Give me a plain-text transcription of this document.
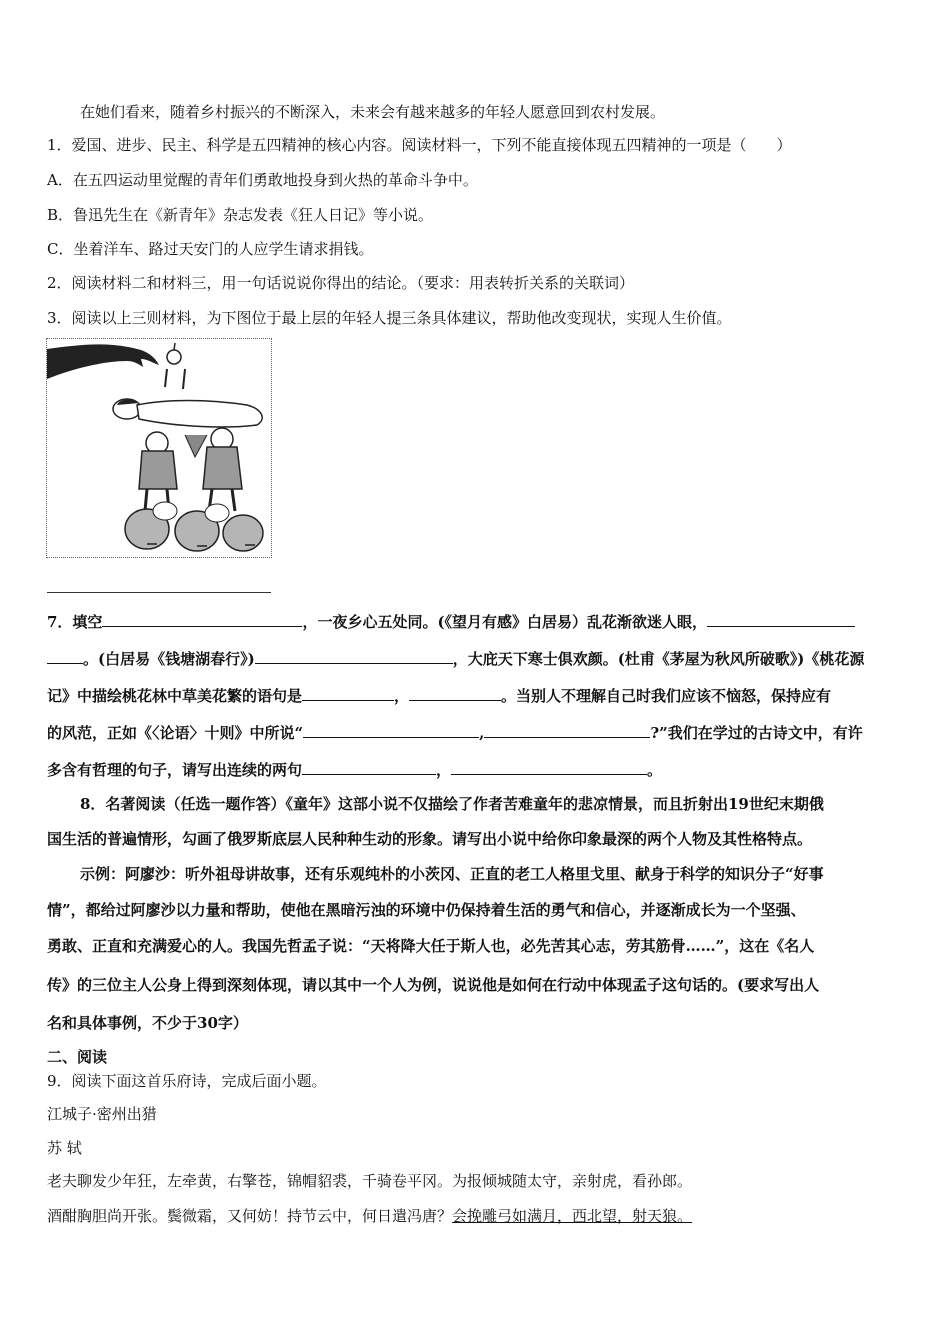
在她们看来，随着乡村振兴的不断深入，未来会有越来越多的年轻人愿意回到农村发展。
1．爱国、进步、民主、科学是五四精神的核心内容。阅读材料一，下列不能直接体现五四精神的一项是（　　）
A．在五四运动里觉醒的青年们勇敢地投身到火热的革命斗争中。
B．鲁迅先生在《新青年》杂志发表《狂人日记》等小说。
C．坐着洋车、路过天安门的人应学生请求捐钱。
2．阅读材料二和材料三，用一句话说说你得出的结论。（要求：用表转折关系的关联词）
3．阅读以上三则材料，为下图位于最上层的年轻人提三条具体建议，帮助他改变现状，实现人生价值。
7．填空	，一夜乡心五处同。(《望月有感》白居易）乱花渐欲迷人眼，
。(白居易《钱塘湖春行》)	，大庇天下寒士俱欢颜。(杜甫《茅屋为秋风所破歌》)《桃花源
记》中描绘桃花林中草美花繁的语句是	，	。当别人不理解自己时我们应该不恼怒，保持应有
的风范，正如《〈论语〉十则》中所说“	,	?”我们在学过的古诗文中，有许
多含有哲理的句子，请写出连续的两句	，	。
8．名著阅读（任选一题作答）《童年》这部小说不仅描绘了作者苦难童年的悲凉情景，而且折射出19世纪末期俄
国生活的普遍情形，勾画了俄罗斯底层人民种种生动的形象。请写出小说中给你印象最深的两个人物及其性格特点。
示例：阿廖沙：听外祖母讲故事，还有乐观纯朴的小茨冈、正直的老工人格里戈里、献身于科学的知识分子“好事
情”，都给过阿廖沙以力量和帮助，使他在黑暗污浊的环境中仍保持着生活的勇气和信心，并逐渐成长为一个坚强、
勇敢、正直和充满爱心的人。我国先哲孟子说：“天将降大任于斯人也，必先苦其心志，劳其筋骨……”，这在《名人
传》的三位主人公身上得到深刻体现，请以其中一个人为例，说说他是如何在行动中体现孟子这句话的。(要求写出人
名和具体事例，不少于30字）
二、阅读
9．阅读下面这首乐府诗，完成后面小题。
江城子·密州出猎
苏 轼
老夫聊发少年狂，左牵黄，右擎苍，锦帽貂裘，千骑卷平冈。为报倾城随太守，亲射虎，看孙郎。
酒酣胸胆尚开张。鬓微霜，又何妨！持节云中，何日遣冯唐？会挽雕弓如满月，西北望，射天狼。
